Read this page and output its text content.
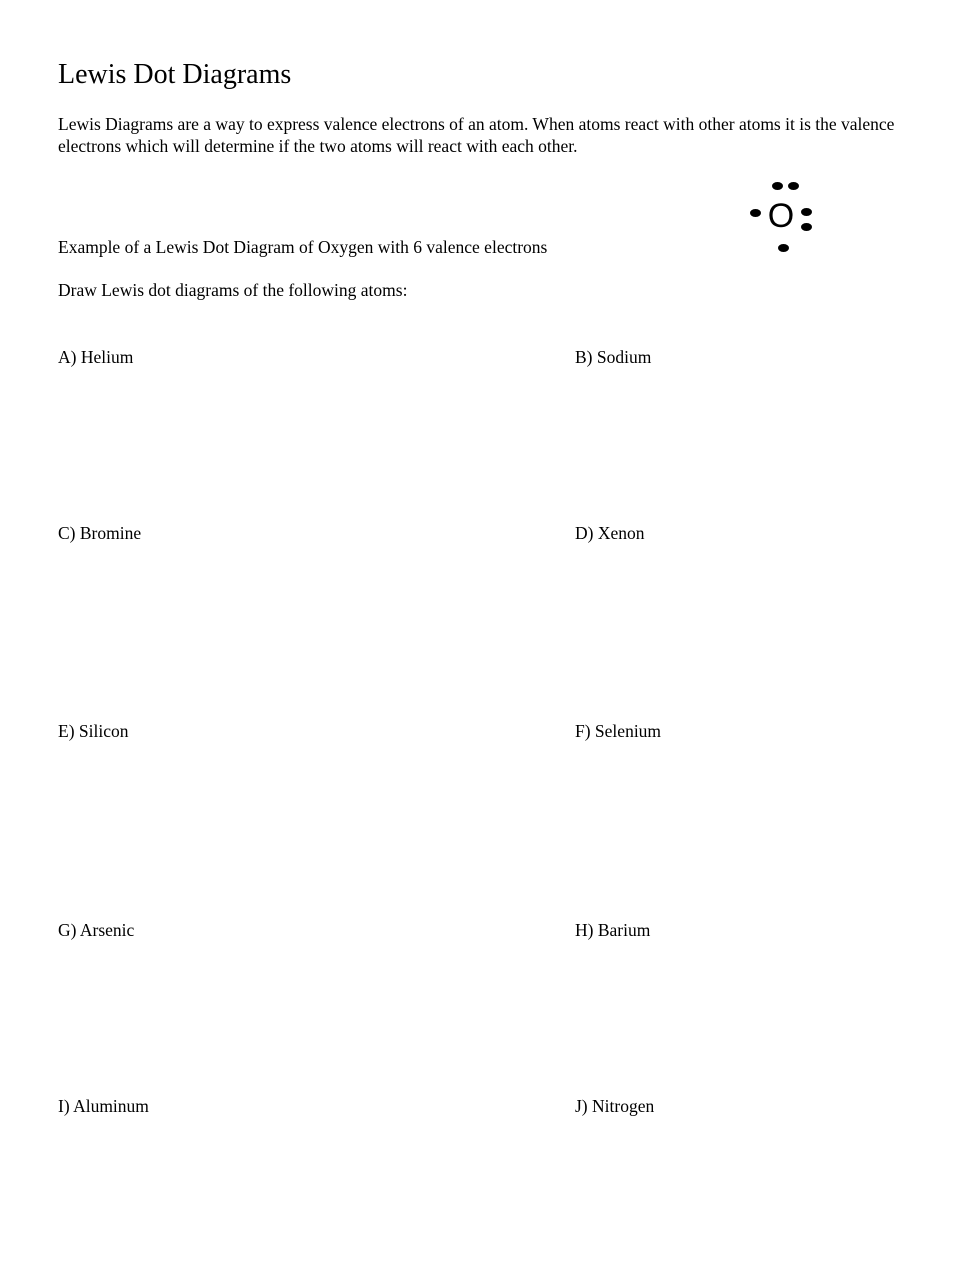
Lewis Dot Diagrams
Lewis Diagrams are a way to express valence electrons of an atom. When atoms react with other atoms it is the valence electrons which will determine if the two atoms will react with each other.
Example of a Lewis Dot Diagram of Oxygen with 6 valence electrons
O
Draw Lewis dot diagrams of the following atoms:
A) Helium	B) Sodium
C) Bromine	D) Xenon
E) Silicon	F) Selenium
G) Arsenic	H) Barium
I) Aluminum	J) Nitrogen
